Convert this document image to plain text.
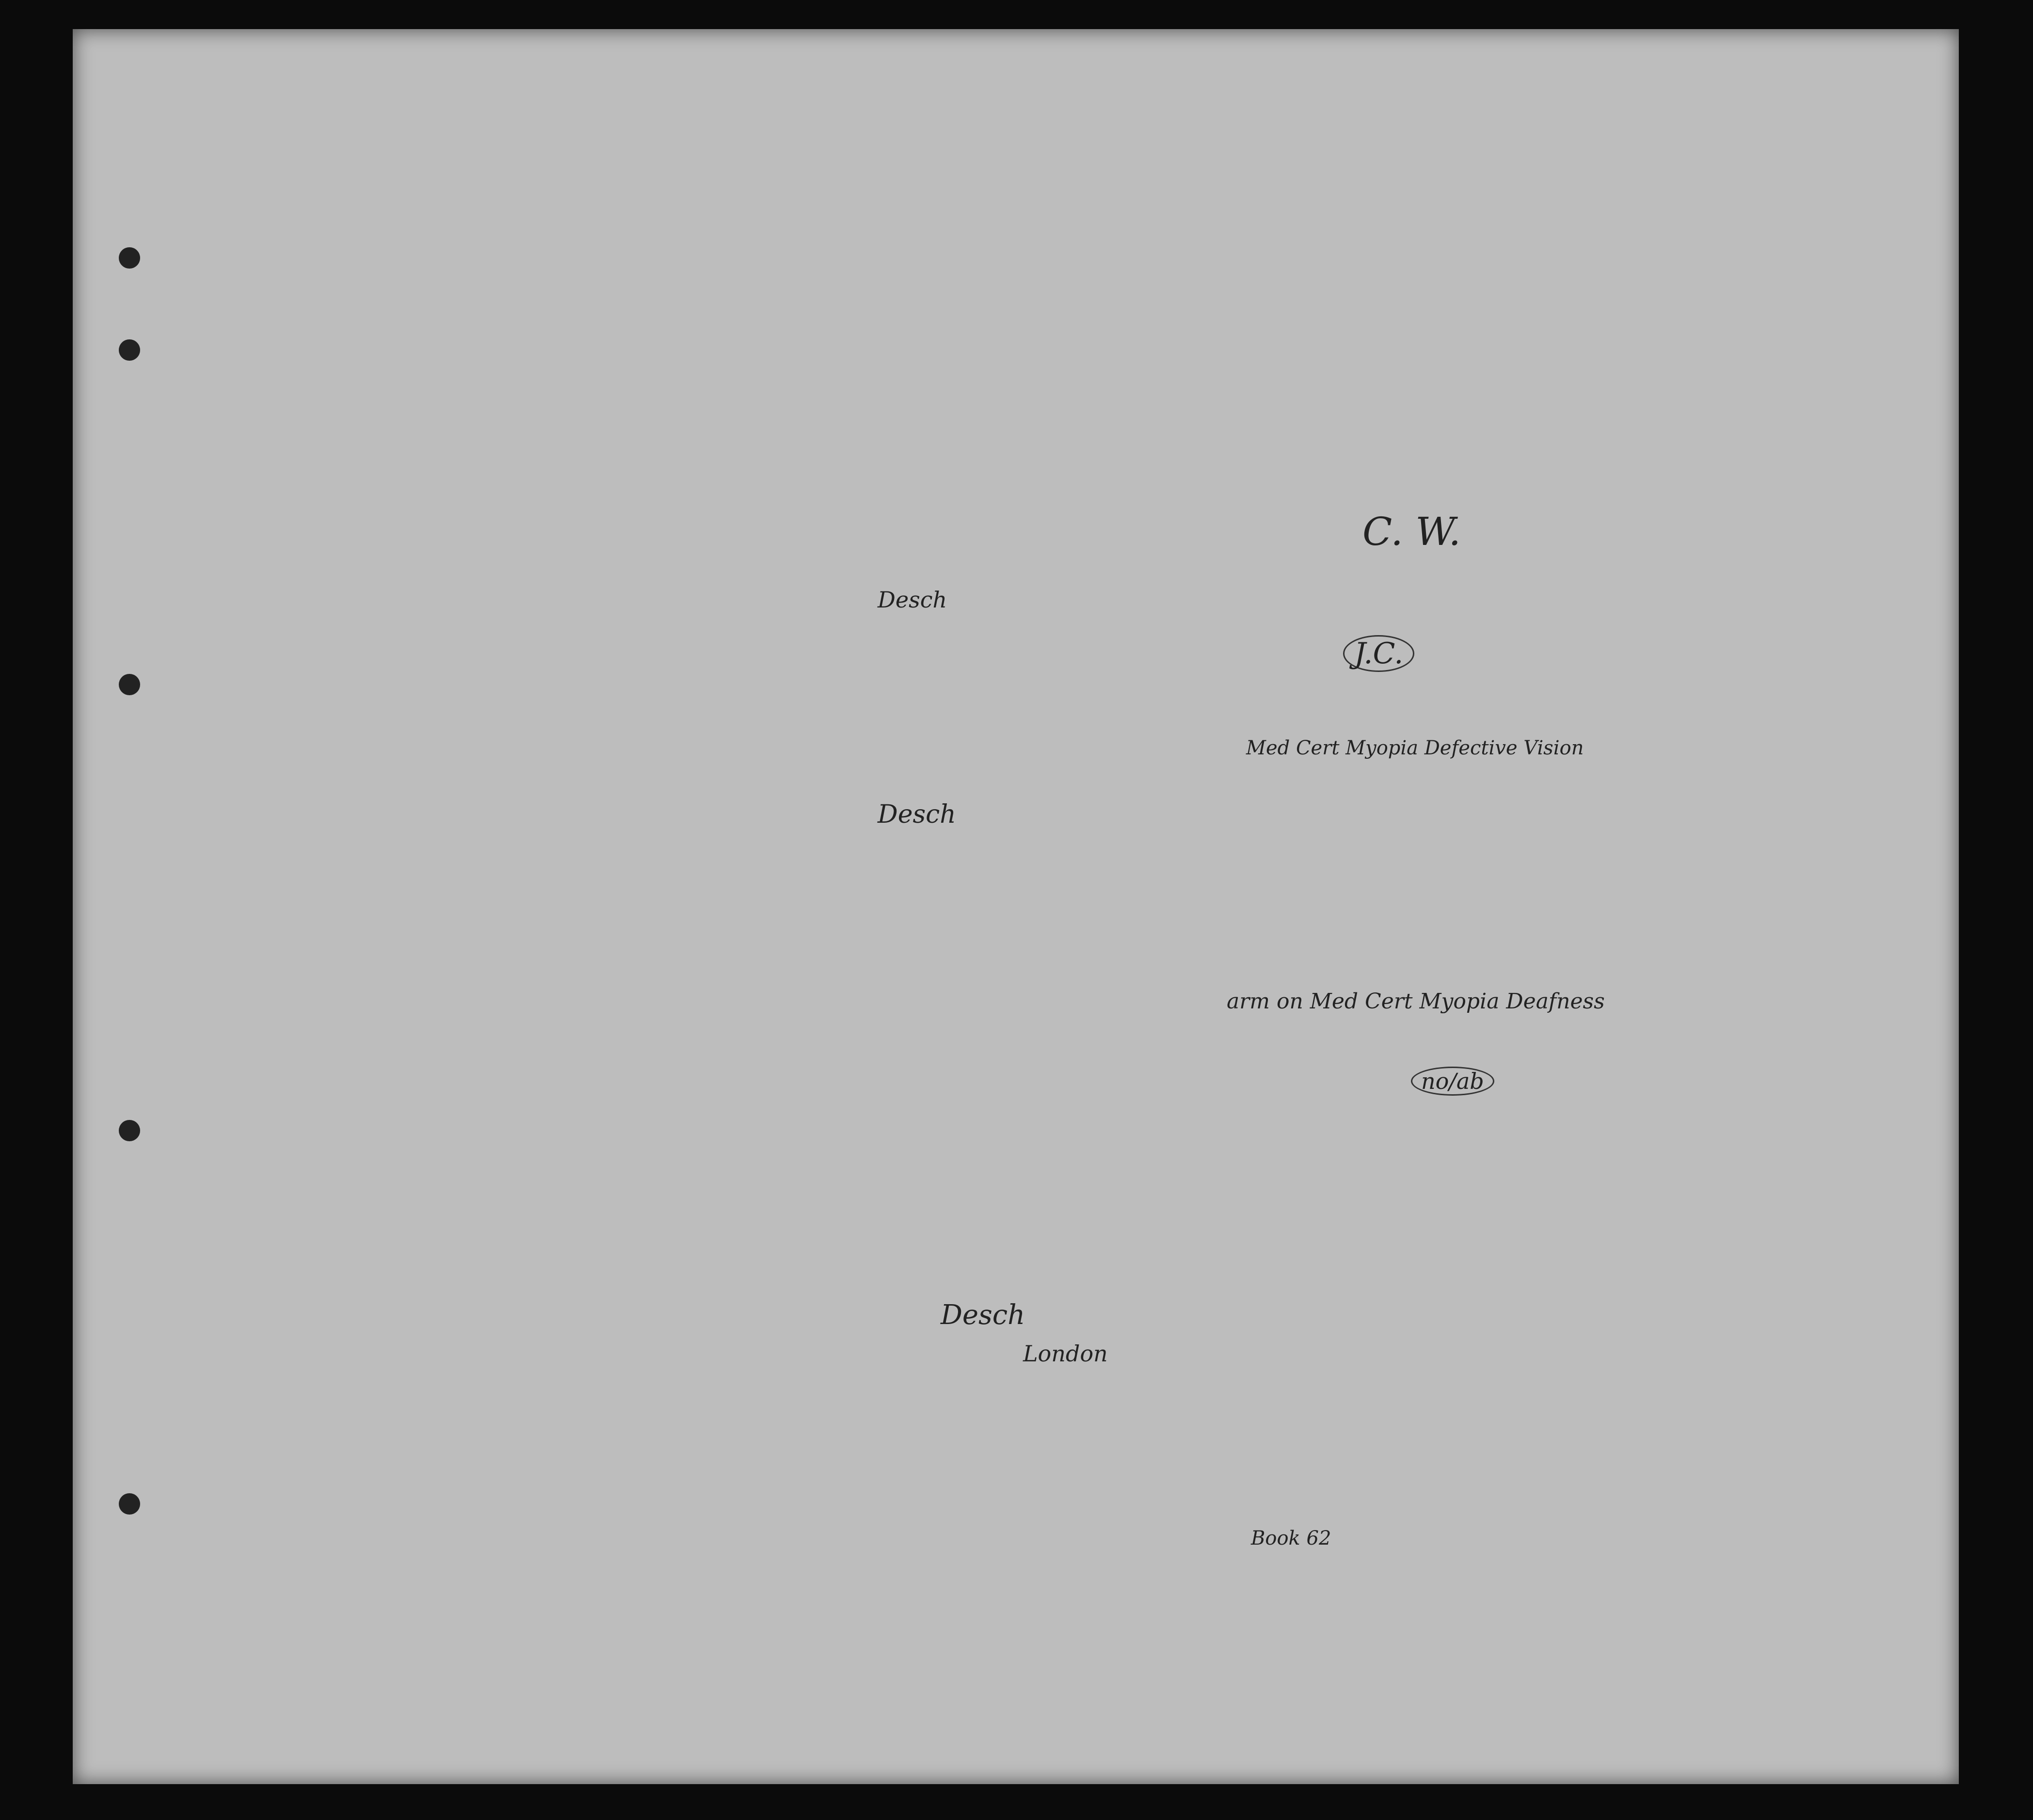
C. W.
J.C.
no/ab
Desch
Desch
Med Cert Myopia Defective Vision
arm on Med Cert Myopia Deafness
Desch
London
Book 62
